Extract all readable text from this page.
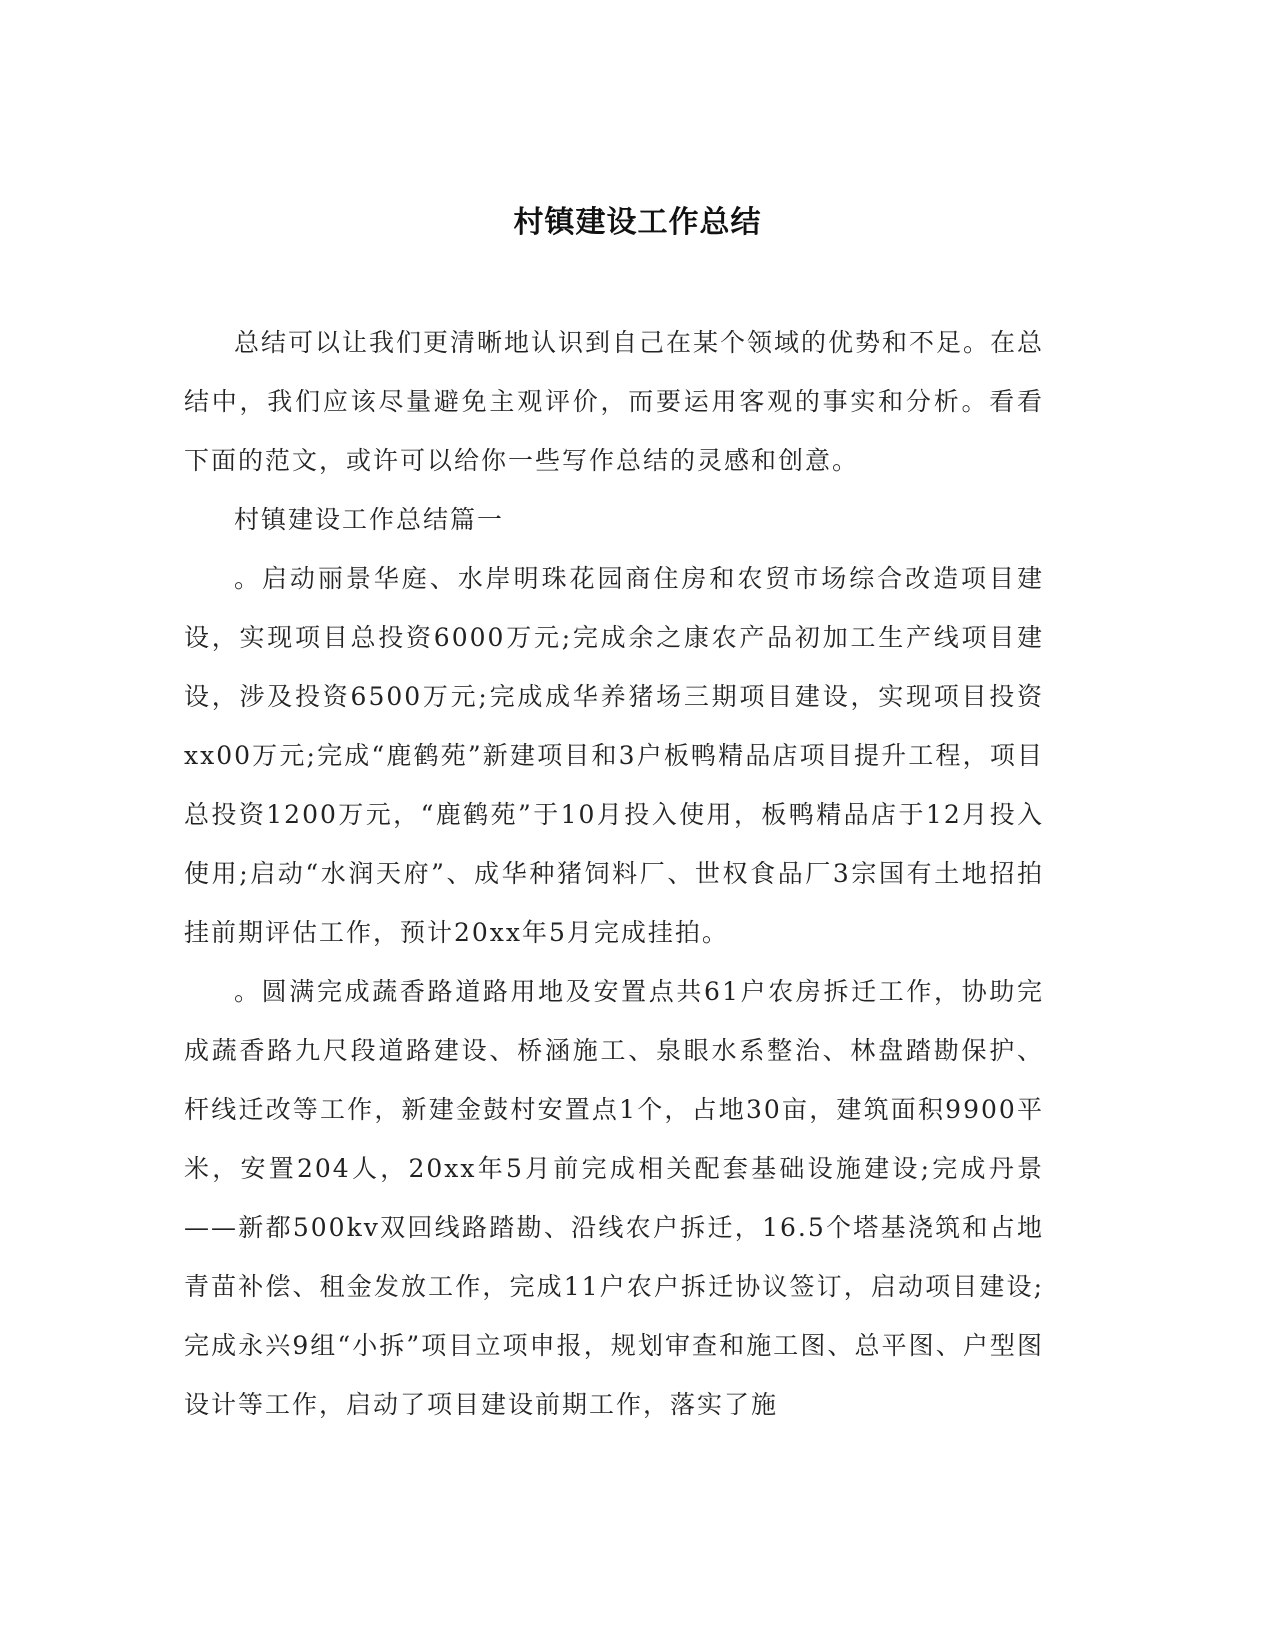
村镇建设工作总结

总结可以让我们更清晰地认识到自己在某个领域的优势和不足。在总结中，我们应该尽量避免主观评价，而要运用客观的事实和分析。看看下面的范文，或许可以给你一些写作总结的灵感和创意。

村镇建设工作总结篇一

。启动丽景华庭、水岸明珠花园商住房和农贸市场综合改造项目建设，实现项目总投资6000万元;完成余之康农产品初加工生产线项目建设，涉及投资6500万元;完成成华养猪场三期项目建设，实现项目投资xx00万元;完成“鹿鹤苑”新建项目和3户板鸭精品店项目提升工程，项目总投资1200万元，“鹿鹤苑”于10月投入使用，板鸭精品店于12月投入使用;启动“水润天府”、成华种猪饲料厂、世权食品厂3宗国有土地招拍挂前期评估工作，预计20xx年5月完成挂拍。

。圆满完成蔬香路道路用地及安置点共61户农房拆迁工作，协助完成蔬香路九尺段道路建设、桥涵施工、泉眼水系整治、林盘踏勘保护、杆线迁改等工作，新建金鼓村安置点1个，占地30亩，建筑面积9900平米，安置204人，20xx年5月前完成相关配套基础设施建设;完成丹景——新都500kv双回线路踏勘、沿线农户拆迁，16.5个塔基浇筑和占地青苗补偿、租金发放工作，完成11户农户拆迁协议签订，启动项目建设;完成永兴9组“小拆”项目立项申报，规划审查和施工图、总平图、户型图设计等工作，启动了项目建设前期工作，落实了施
